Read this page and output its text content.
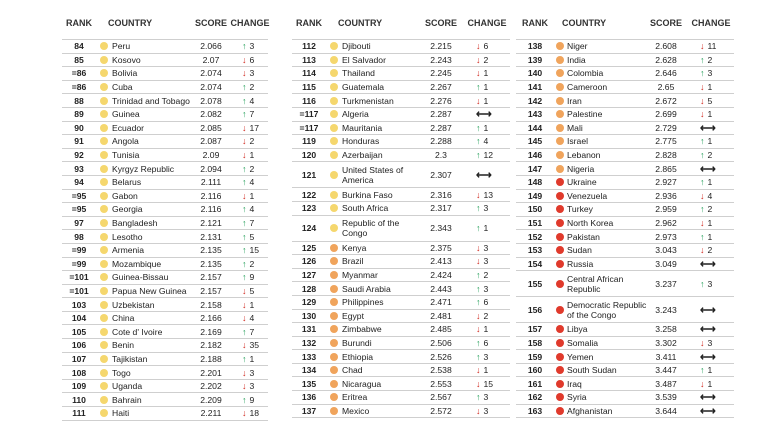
RANK	COUNTRY	SCORE CHANGE
84	Peru	2.066	↑ 3
85	Kosovo	2.07	↓ 6
=86	Bolivia	2.074	↓ 3
=86	Cuba	2.074	↑ 2
88	Trinidad and Tobago	2.078	↑ 4
89	Guinea	2.082	↑ 7
90	Ecuador	2.085	↓ 17
91	Angola	2.087	↓ 2
92	Tunisia	2.09	↓ 1
93	Kyrgyz Republic	2.094	↑ 2
94	Belarus	2.111	↑ 4
=95	Gabon	2.116	↓ 1
=95	Georgia	2.116	↑ 4
97	Bangladesh	2.121	↑ 7
98	Lesotho	2.131	↑ 5
=99	Armenia	2.135	↑ 15
=99	Mozambique	2.135	↑ 2
=101	Guinea-Bissau	2.157	↑ 9
=101	Papua New Guinea	2.157	↓ 5
103	Uzbekistan	2.158	↓ 1
104	China	2.166	↓ 4
105	Cote d' Ivoire	2.169	↑ 7
106	Benin	2.182	↓ 35
107	Tajikistan	2.188	↑ 1
108	Togo	2.201	↓ 3
109	Uganda	2.202	↓ 3
110	Bahrain	2.209	↑ 9
111	Haiti	2.211	↓ 18
RANK	COUNTRY	SCORE	CHANGE
112	Djibouti	2.215	↓ 6
113	El Salvador	2.243	↓ 2
114	Thailand	2.245	↓ 1
115	Guatemala	2.267	↑ 1
116	Turkmenistan	2.276	↓ 1
=117	Algeria	2.287	⟷
=117	Mauritania	2.287	↑ 1
119	Honduras	2.288	↑ 4
120	Azerbaijan	2.3	↑ 12
121	United States of America	2.307	⟷
122	Burkina Faso	2.316	↓ 13
123	South Africa	2.317	↑ 3
124	Republic of the Congo	2.343	↑ 1
125	Kenya	2.375	↓ 3
126	Brazil	2.413	↓ 3
127	Myanmar	2.424	↑ 2
128	Saudi Arabia	2.443	↑ 3
129	Philippines	2.471	↑ 6
130	Egypt	2.481	↓ 2
131	Zimbabwe	2.485	↓ 1
132	Burundi	2.506	↑ 6
133	Ethiopia	2.526	↑ 3
134	Chad	2.538	↓ 1
135	Nicaragua	2.553	↓ 15
136	Eritrea	2.567	↑ 3
137	Mexico	2.572	↓ 3
RANK	COUNTRY	SCORE	CHANGE
138	Niger	2.608	↓ 11
139	India	2.628	↑ 2
140	Colombia	2.646	↑ 3
141	Cameroon	2.65	↓ 1
142	Iran	2.672	↓ 5
143	Palestine	2.699	↓ 1
144	Mali	2.729	⟷
145	Israel	2.775	↑ 1
146	Lebanon	2.828	↑ 2
147	Nigeria	2.865	⟷
148	Ukraine	2.927	↑ 1
149	Venezuela	2.936	↓ 4
150	Turkey	2.959	↑ 2
151	North Korea	2.962	↓ 1
152	Pakistan	2.973	↑ 1
153	Sudan	3.043	↓ 2
154	Russia	3.049	⟷
155	Central African Republic	3.237	↑ 3
156	Democratic Republic of the Congo	3.243	⟷
157	Libya	3.258	⟷
158	Somalia	3.302	↓ 3
159	Yemen	3.411	⟷
160	South Sudan	3.447	↑ 1
161	Iraq	3.487	↓ 1
162	Syria	3.539	⟷
163	Afghanistan	3.644	⟷
